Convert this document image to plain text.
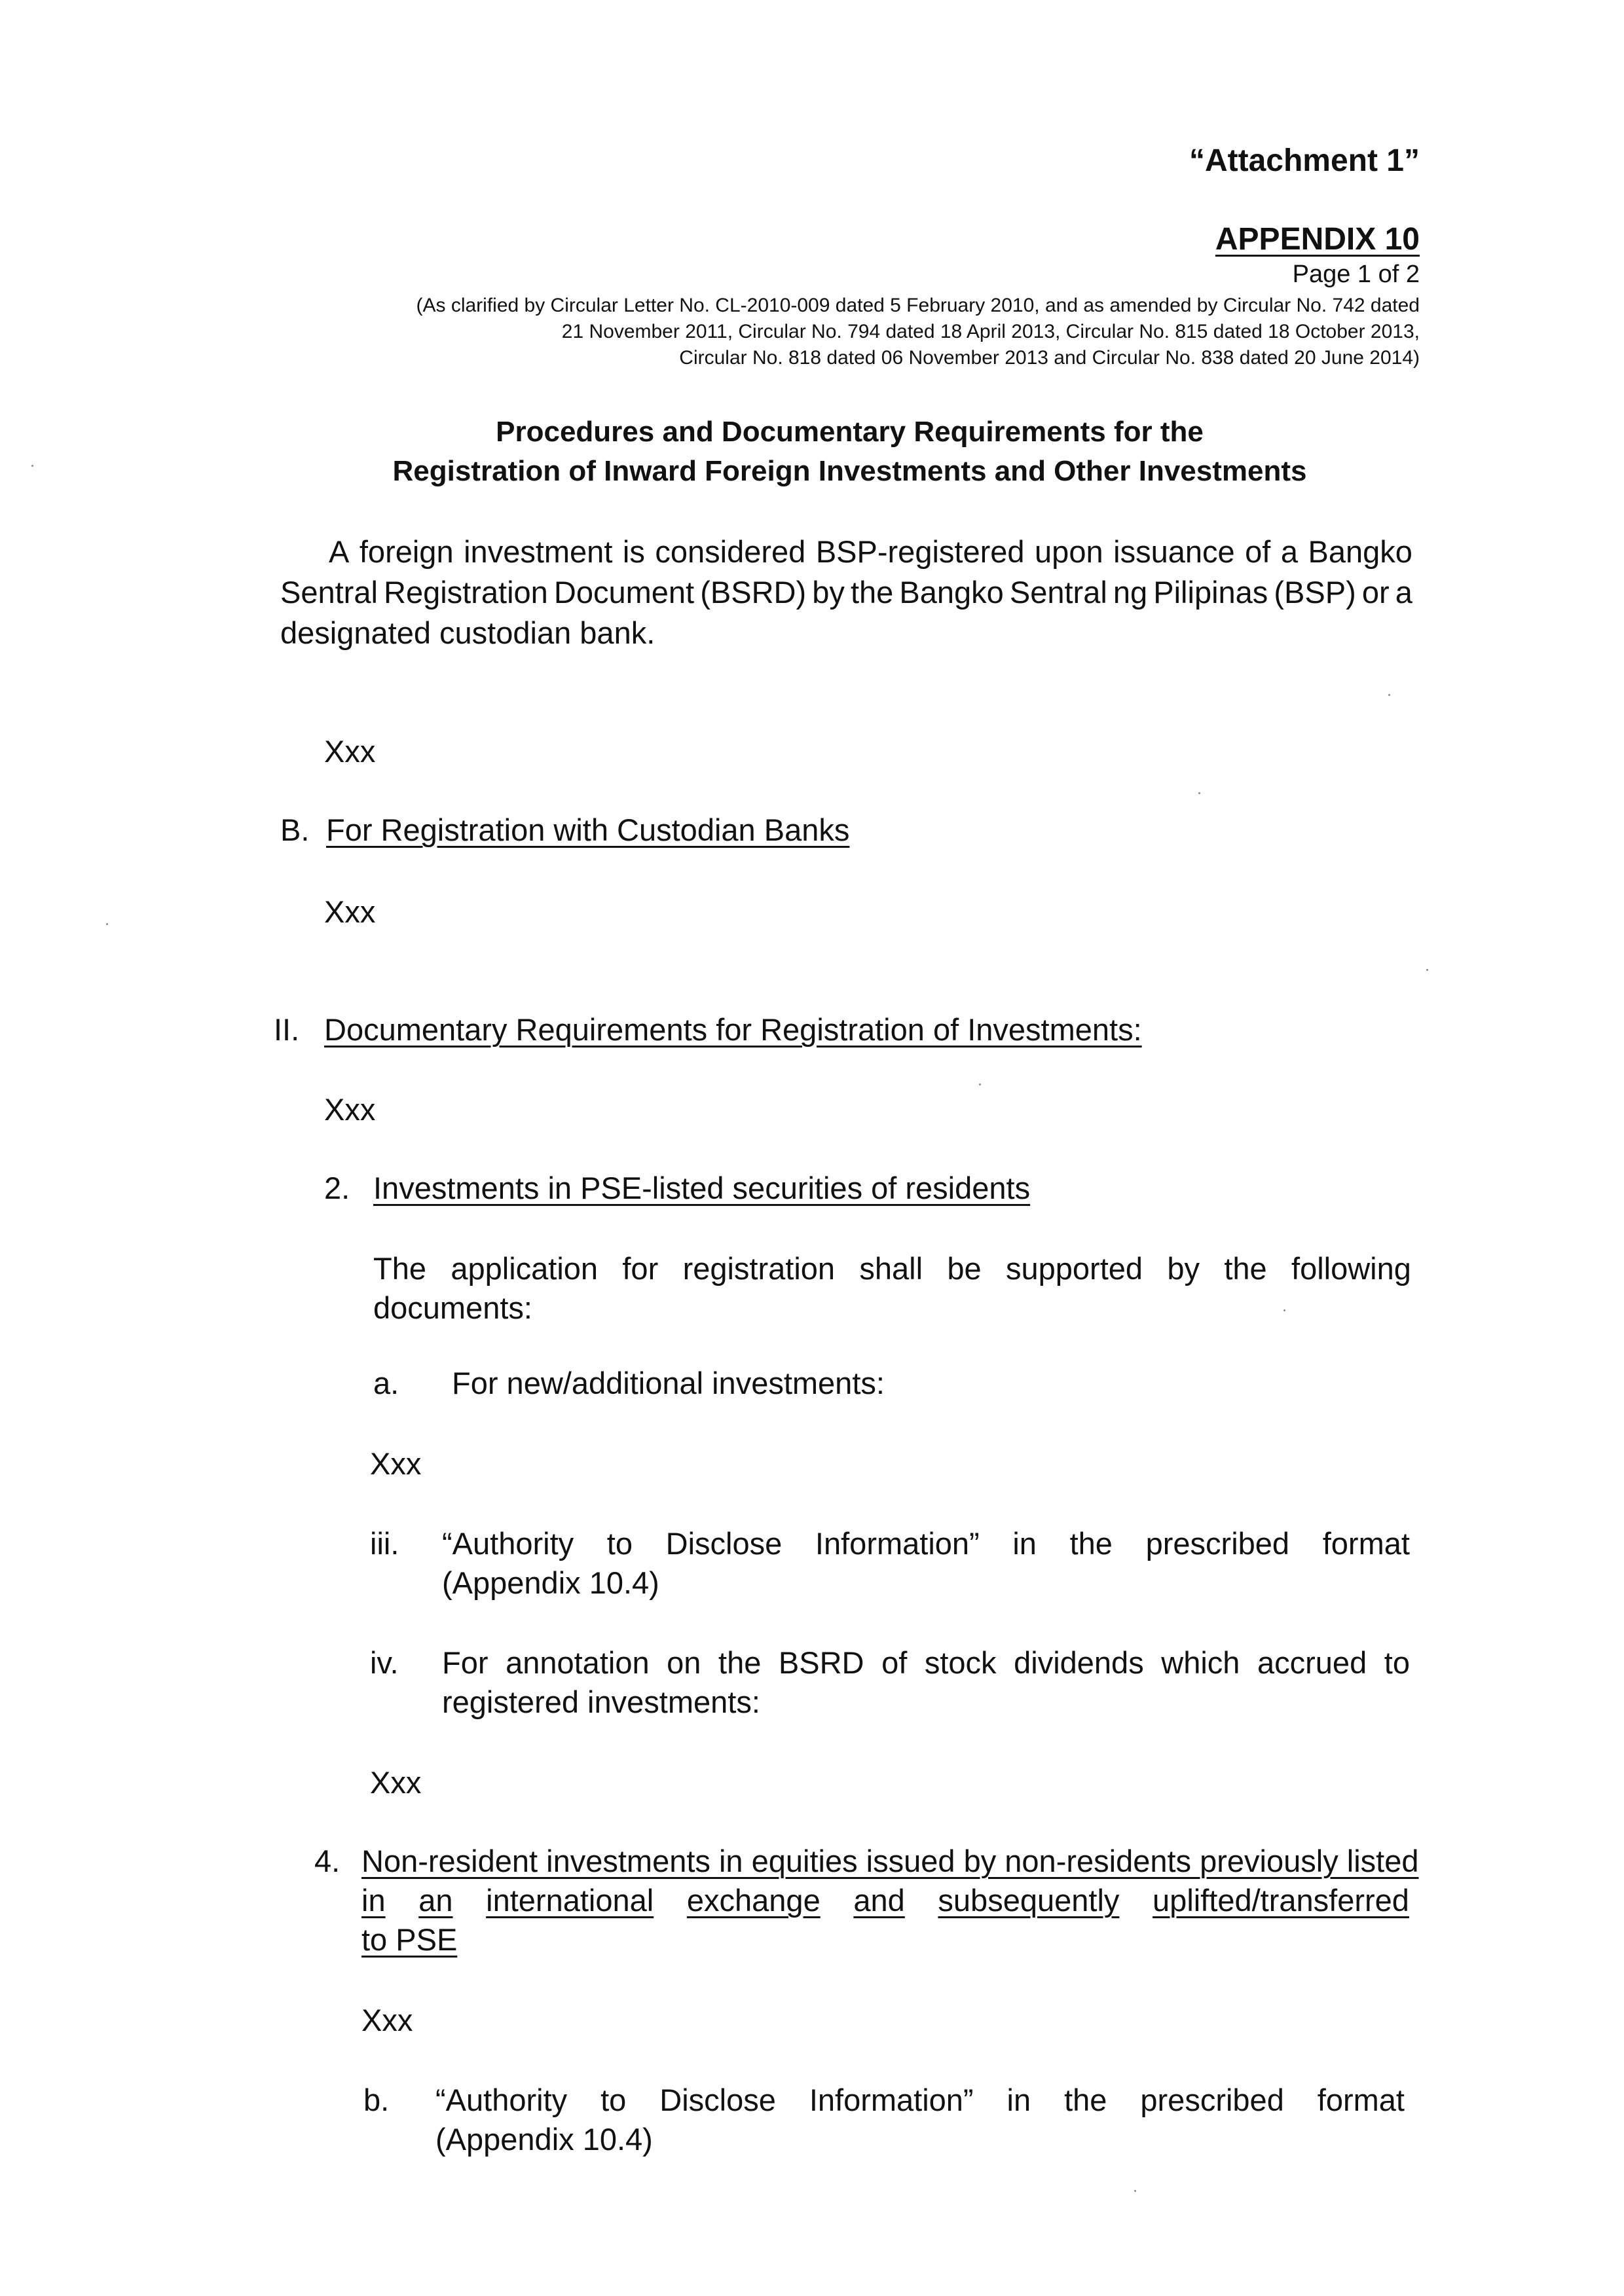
“Attachment 1”
APPENDIX 10
Page 1 of 2
(As clarified by Circular Letter No. CL-2010-009 dated 5 February 2010, and as amended by Circular No. 742 dated
21 November 2011, Circular No. 794 dated 18 April 2013, Circular No. 815 dated 18 October 2013,
Circular No. 818 dated 06 November 2013 and Circular No. 838 dated 20 June 2014)
Procedures and Documentary Requirements for the
Registration of Inward Foreign Investments and Other Investments
A foreign investment is considered BSP-registered upon issuance of a Bangko
Sentral Registration Document (BSRD) by the Bangko Sentral ng Pilipinas (BSP) or a
designated custodian bank.
Xxx
B. For Registration with Custodian Banks
Xxx
II. Documentary Requirements for Registration of Investments:
Xxx
2. Investments in PSE-listed securities of residents
The application for registration shall be supported by the following
documents:
a. For new/additional investments:
Xxx
iii. “Authority to Disclose Information” in the prescribed format
(Appendix 10.4)
iv. For annotation on the BSRD of stock dividends which accrued to
registered investments:
Xxx
4. Non-resident investments in equities issued by non-residents previously listed
in an international exchange and subsequently uplifted/transferred
to PSE
Xxx
b. “Authority to Disclose Information” in the prescribed format
(Appendix 10.4)
